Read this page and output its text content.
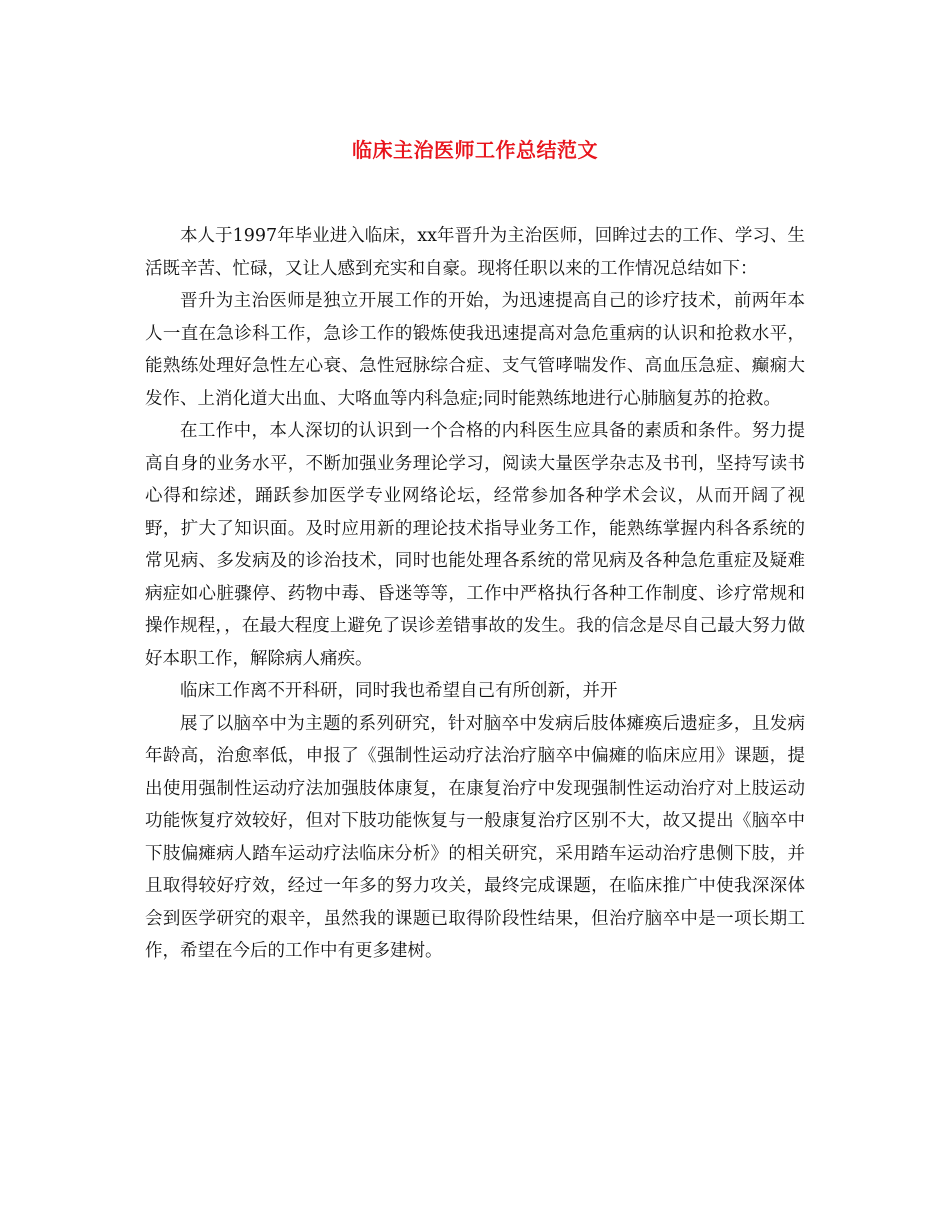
临床主治医师工作总结范文

本人于1997年毕业进入临床，xx年晋升为主治医师，回眸过去的工作、学习、生活既辛苦、忙碌，又让人感到充实和自豪。现将任职以来的工作情况总结如下：

晋升为主治医师是独立开展工作的开始，为迅速提高自己的诊疗技术，前两年本人一直在急诊科工作，急诊工作的锻炼使我迅速提高对急危重病的认识和抢救水平，能熟练处理好急性左心衰、急性冠脉综合症、支气管哮喘发作、高血压急症、癫痫大发作、上消化道大出血、大咯血等内科急症;同时能熟练地进行心肺脑复苏的抢救。

在工作中，本人深切的认识到一个合格的内科医生应具备的素质和条件。努力提高自身的业务水平，不断加强业务理论学习，阅读大量医学杂志及书刊，坚持写读书心得和综述，踊跃参加医学专业网络论坛，经常参加各种学术会议，从而开阔了视野，扩大了知识面。及时应用新的理论技术指导业务工作，能熟练掌握内科各系统的常见病、多发病及的诊治技术，同时也能处理各系统的常见病及各种急危重症及疑难病症如心脏骤停、药物中毒、昏迷等等，工作中严格执行各种工作制度、诊疗常规和操作规程，，在最大程度上避免了误诊差错事故的发生。我的信念是尽自己最大努力做好本职工作，解除病人痛疾。

临床工作离不开科研，同时我也希望自己有所创新，并开

展了以脑卒中为主题的系列研究，针对脑卒中发病后肢体瘫痪后遗症多，且发病年龄高，治愈率低，申报了《强制性运动疗法治疗脑卒中偏瘫的临床应用》课题，提出使用强制性运动疗法加强肢体康复，在康复治疗中发现强制性运动治疗对上肢运动功能恢复疗效较好，但对下肢功能恢复与一般康复治疗区别不大，故又提出《脑卒中下肢偏瘫病人踏车运动疗法临床分析》的相关研究，采用踏车运动治疗患侧下肢，并且取得较好疗效，经过一年多的努力攻关，最终完成课题，在临床推广中使我深深体会到医学研究的艰辛，虽然我的课题已取得阶段性结果，但治疗脑卒中是一项长期工作，希望在今后的工作中有更多建树。
